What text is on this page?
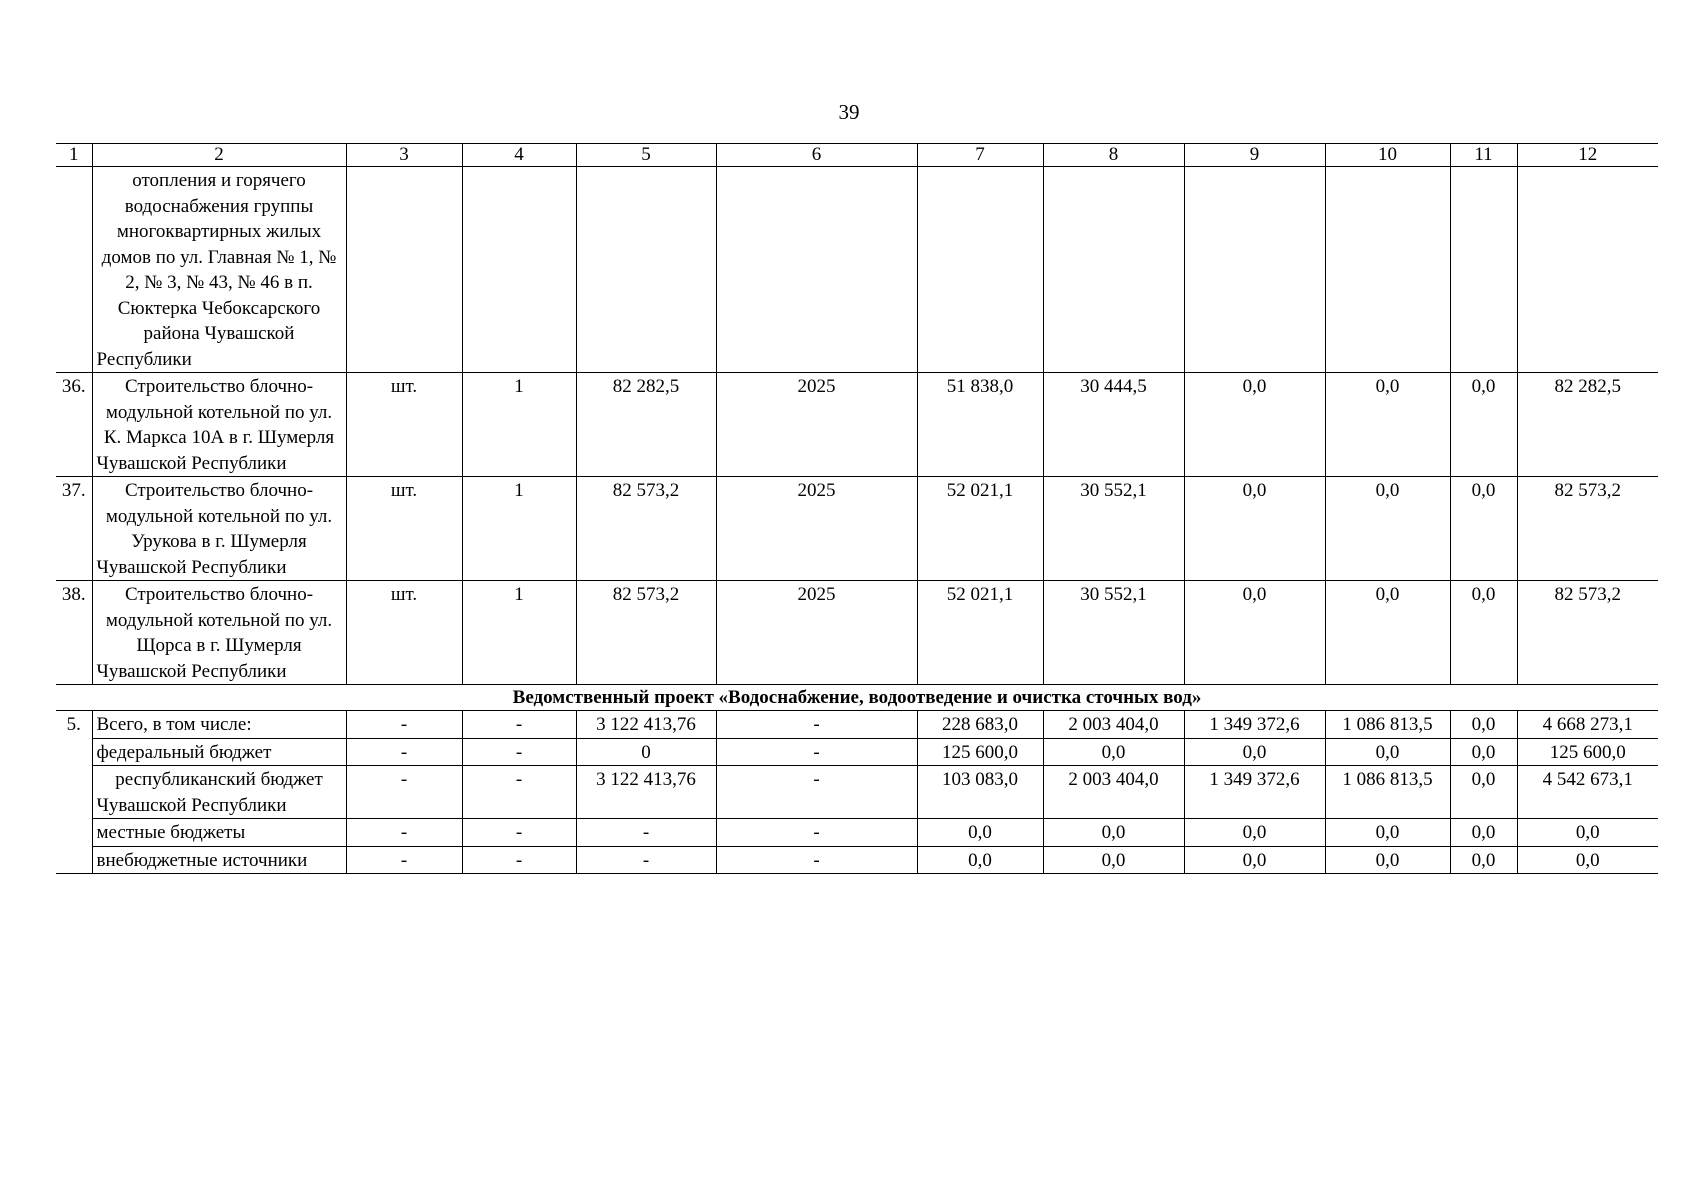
39
1	2	3	4	5	6	7	8	9	10	11	12
	отопления и горячего водоснабжения группы многоквартирных жилых домов по ул. Главная № 1, № 2, № 3, № 43, № 46 в п. Сюктерка Чебоксарского района Чувашской Республики										
36.	Строительство блочно-модульной котельной по ул. К. Маркса 10А в г. Шумерля Чувашской Республики	шт.	1	82 282,5	2025	51 838,0	30 444,5	0,0	0,0	0,0	82 282,5
37.	Строительство блочно-модульной котельной по ул. Урукова в г. Шумерля Чувашской Республики	шт.	1	82 573,2	2025	52 021,1	30 552,1	0,0	0,0	0,0	82 573,2
38.	Строительство блочно-модульной котельной по ул. Щорса в г. Шумерля Чувашской Республики	шт.	1	82 573,2	2025	52 021,1	30 552,1	0,0	0,0	0,0	82 573,2
Ведомственный проект «Водоснабжение, водоотведение и очистка сточных вод»											
5.	Всего, в том числе:	-	-	3 122 413,76	-	228 683,0	2 003 404,0	1 349 372,6	1 086 813,5	0,0	4 668 273,1
	федеральный бюджет	-	-	0	-	125 600,0	0,0	0,0	0,0	0,0	125 600,0
	республиканский бюджет Чувашской Республики	-	-	3 122 413,76	-	103 083,0	2 003 404,0	1 349 372,6	1 086 813,5	0,0	4 542 673,1
	местные бюджеты	-	-	-	-	0,0	0,0	0,0	0,0	0,0	0,0
	внебюджетные источники	-	-	-	-	0,0	0,0	0,0	0,0	0,0	0,0
